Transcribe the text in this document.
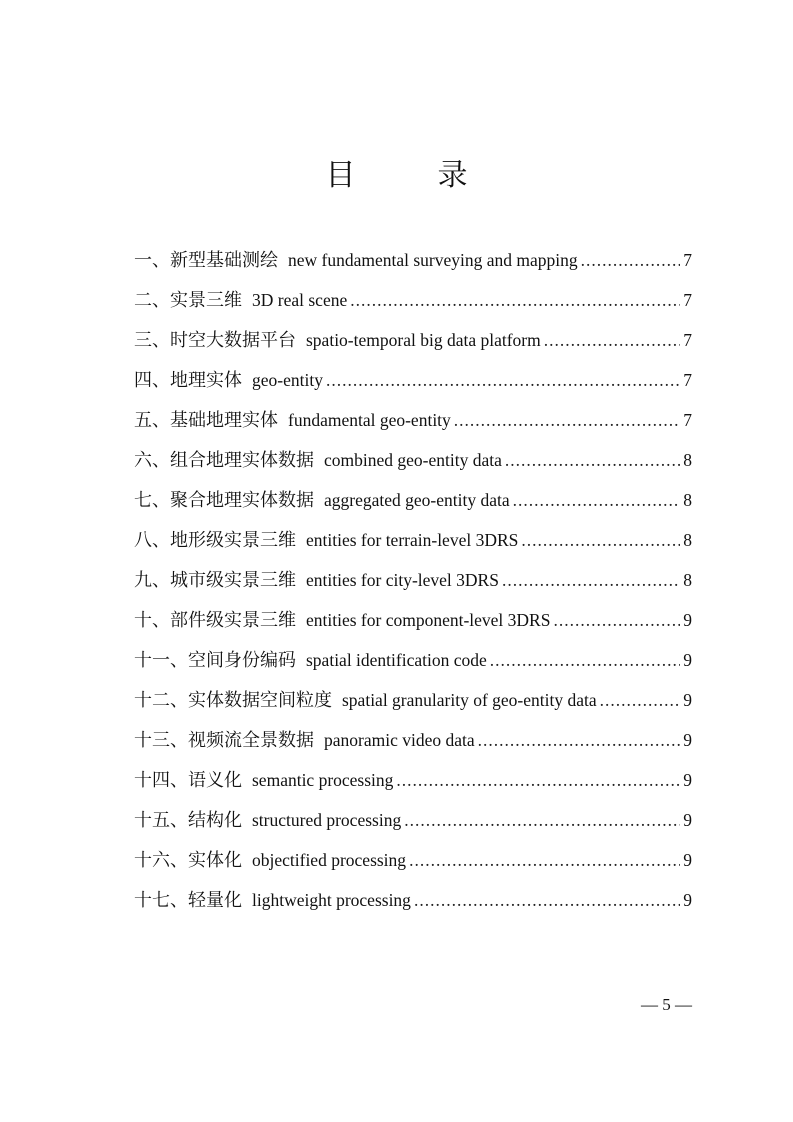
目　录
一、新型基础测绘 new fundamental surveying and mapping .....	7
二、实景三维 3D real scene .....	7
三、时空大数据平台 spatio-temporal big data platform .....	7
四、地理实体 geo-entity .....	7
五、基础地理实体 fundamental geo-entity .....	7
六、组合地理实体数据 combined geo-entity data .....	8
七、聚合地理实体数据 aggregated geo-entity data .....	8
八、地形级实景三维 entities for terrain-level 3DRS .....	8
九、城市级实景三维 entities for city-level 3DRS .....	8
十、部件级实景三维 entities for component-level 3DRS .....	9
十一、空间身份编码 spatial identification code .....	9
十二、实体数据空间粒度 spatial granularity of geo-entity data .....	9
十三、视频流全景数据 panoramic video data .....	9
十四、语义化 semantic processing .....	9
十五、结构化 structured processing .....	9
十六、实体化 objectified processing .....	9
十七、轻量化 lightweight processing .....	9
— 5 —
